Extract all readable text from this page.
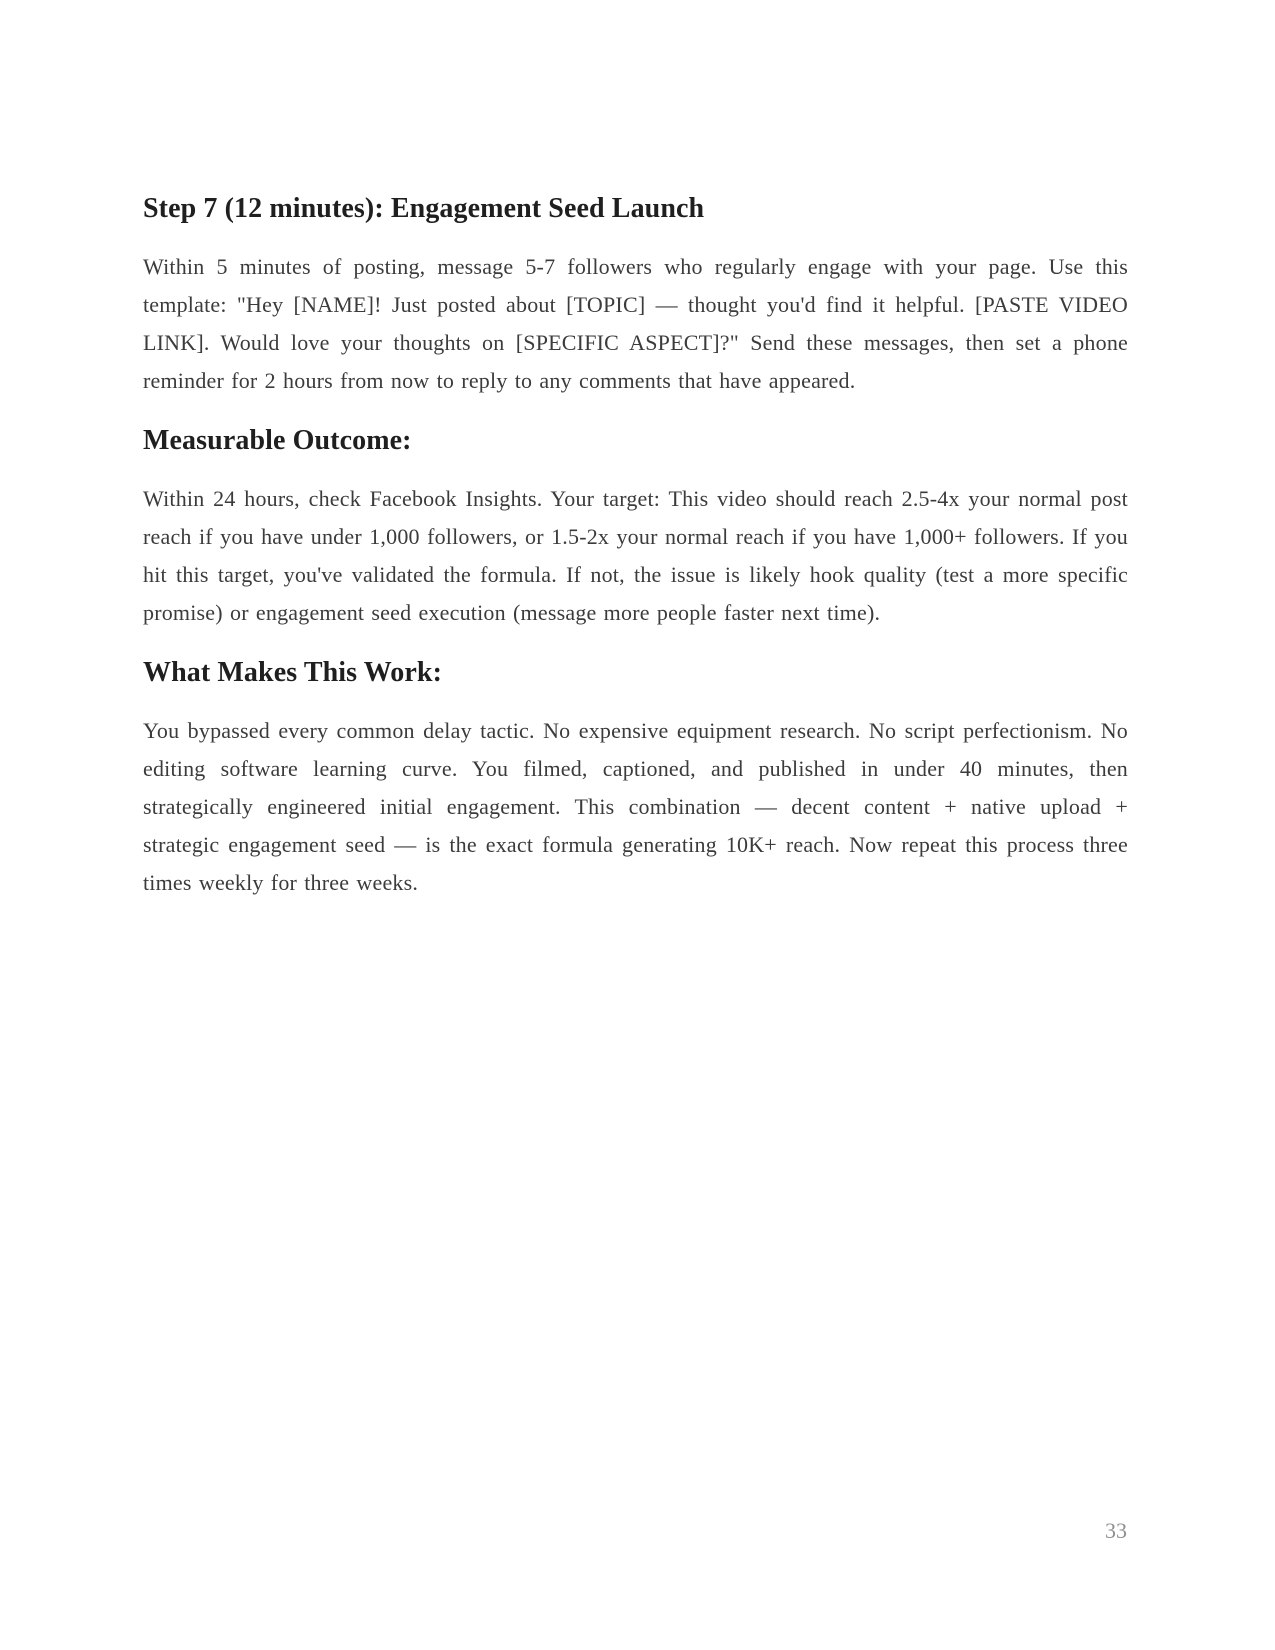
Step 7 (12 minutes): Engagement Seed Launch

Within 5 minutes of posting, message 5-7 followers who regularly engage with your page. Use this template: "Hey [NAME]! Just posted about [TOPIC] — thought you'd find it helpful. [PASTE VIDEO LINK]. Would love your thoughts on [SPECIFIC ASPECT]?" Send these messages, then set a phone reminder for 2 hours from now to reply to any comments that have appeared.

Measurable Outcome:

Within 24 hours, check Facebook Insights. Your target: This video should reach 2.5-4x your normal post reach if you have under 1,000 followers, or 1.5-2x your normal reach if you have 1,000+ followers. If you hit this target, you've validated the formula. If not, the issue is likely hook quality (test a more specific promise) or engagement seed execution (message more people faster next time).

What Makes This Work:

You bypassed every common delay tactic. No expensive equipment research. No script perfectionism. No editing software learning curve. You filmed, captioned, and published in under 40 minutes, then strategically engineered initial engagement. This combination — decent content + native upload + strategic engagement seed — is the exact formula generating 10K+ reach. Now repeat this process three times weekly for three weeks.

33
